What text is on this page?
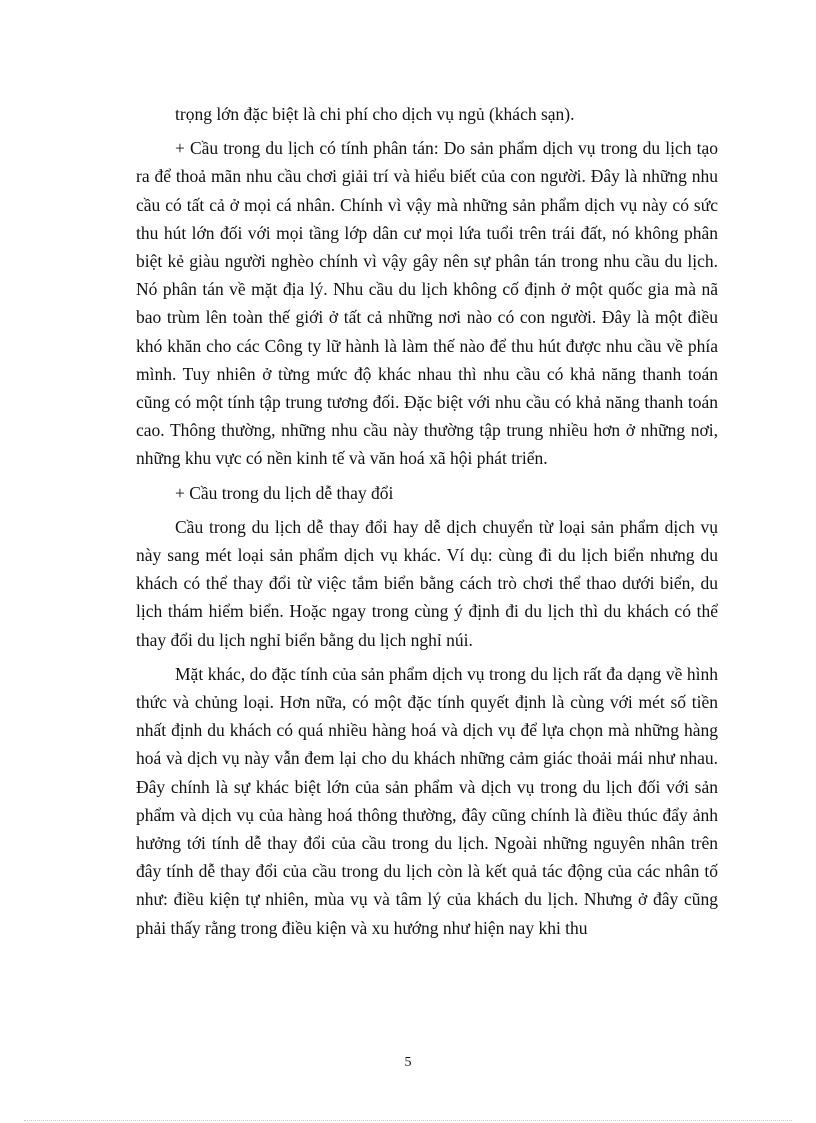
trọng lớn đặc biệt là chi phí cho dịch vụ ngủ (khách sạn).

+ Cầu trong du lịch có tính phân tán: Do sản phẩm dịch vụ trong du lịch tạo ra để thoả mãn nhu cầu chơi giải trí và hiểu biết của con người. Đây là những nhu cầu có tất cả ở mọi cá nhân. Chính vì vậy mà những sản phẩm dịch vụ này có sức thu hút lớn đối với mọi tầng lớp dân cư mọi lứa tuổi trên trái đất, nó không phân biệt kẻ giàu người nghèo chính vì vậy gây nên sự phân tán trong nhu cầu du lịch. Nó phân tán về mặt địa lý. Nhu cầu du lịch không cố định ở một quốc gia mà nã bao trùm lên toàn thế giới ở tất cả những nơi nào có con người. Đây là một điều khó khăn cho các Công ty lữ hành là làm thế nào để thu hút được nhu cầu về phía mình. Tuy nhiên ở từng mức độ khác nhau thì nhu cầu có khả năng thanh toán cũng có một tính tập trung tương đối. Đặc biệt với nhu cầu có khả năng thanh toán cao. Thông thường, những nhu cầu này thường tập trung nhiều hơn ở những nơi, những khu vực có nền kinh tế và văn hoá xã hội phát triển.

+ Cầu trong du lịch dễ thay đổi

Cầu trong du lịch dễ thay đổi hay dễ dịch chuyển từ loại sản phẩm dịch vụ này sang mét loại sản phẩm dịch vụ khác. Ví dụ: cùng đi du lịch biển nhưng du khách có thể thay đổi từ việc tắm biển bằng cách trò chơi thể thao dưới biển, du lịch thám hiểm biển. Hoặc ngay trong cùng ý định đi du lịch thì du khách có thể thay đổi du lịch nghỉ biển bằng du lịch nghỉ núi.

Mặt khác, do đặc tính của sản phẩm dịch vụ trong du lịch rất đa dạng về hình thức và chủng loại. Hơn nữa, có một đặc tính quyết định là cùng với mét số tiền nhất định du khách có quá nhiều hàng hoá và dịch vụ để lựa chọn mà những hàng hoá và dịch vụ này vẫn đem lại cho du khách những cảm giác thoải mái như nhau. Đây chính là sự khác biệt lớn của sản phẩm và dịch vụ trong du lịch đối với sản phẩm và dịch vụ của hàng hoá thông thường, đây cũng chính là điều thúc đẩy ảnh hưởng tới tính dễ thay đổi của cầu trong du lịch. Ngoài những nguyên nhân trên đây tính dễ thay đổi của cầu trong du lịch còn là kết quả tác động của các nhân tố như: điều kiện tự nhiên, mùa vụ và tâm lý của khách du lịch. Nhưng ở đây cũng phải thấy rằng trong điều kiện và xu hướng như hiện nay khi thu

5
